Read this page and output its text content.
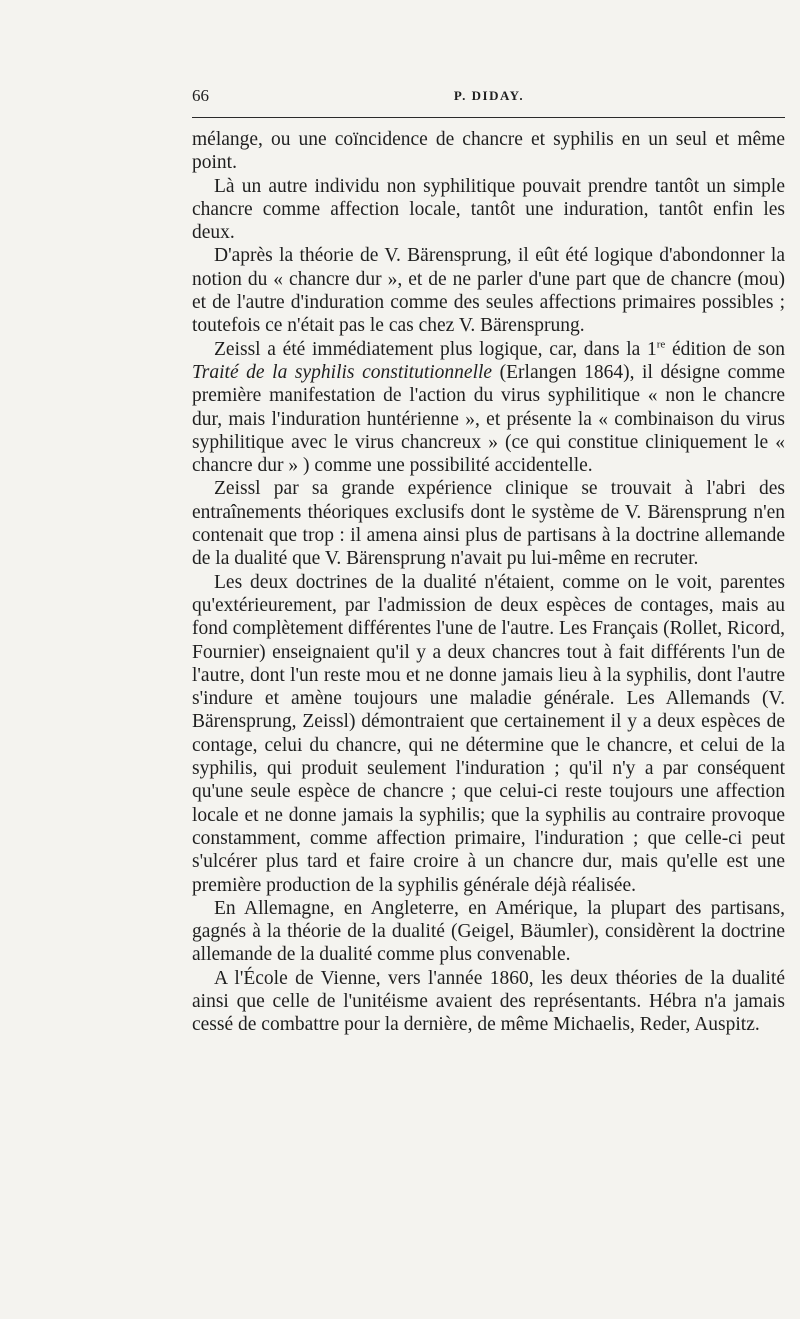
66	P. DIDAY.

mélange, ou une coïncidence de chancre et syphilis en un seul et même point.

Là un autre individu non syphilitique pouvait prendre tantôt un simple chancre comme affection locale, tantôt une induration, tantôt enfin les deux.

D'après la théorie de V. Bärensprung, il eût été logique d'abondonner la notion du « chancre dur », et de ne parler d'une part que de chancre (mou) et de l'autre d'induration comme des seules affections primaires possibles ; toutefois ce n'était pas le cas chez V. Bärensprung.

Zeissl a été immédiatement plus logique, car, dans la 1re édition de son Traité de la syphilis constitutionnelle (Erlangen 1864), il désigne comme première manifestation de l'action du virus syphilitique « non le chancre dur, mais l'induration huntérienne », et présente la « combinaison du virus syphilitique avec le virus chancreux » (ce qui constitue cliniquement le « chancre dur » ) comme une possibilité accidentelle.

Zeissl par sa grande expérience clinique se trouvait à l'abri des entraînements théoriques exclusifs dont le système de V. Bärensprung n'en contenait que trop : il amena ainsi plus de partisans à la doctrine allemande de la dualité que V. Bärensprung n'avait pu lui-même en recruter.

Les deux doctrines de la dualité n'étaient, comme on le voit, parentes qu'extérieurement, par l'admission de deux espèces de contages, mais au fond complètement différentes l'une de l'autre. Les Français (Rollet, Ricord, Fournier) enseignaient qu'il y a deux chancres tout à fait différents l'un de l'autre, dont l'un reste mou et ne donne jamais lieu à la syphilis, dont l'autre s'indure et amène toujours une maladie générale. Les Allemands (V. Bärensprung, Zeissl) démontraient que certainement il y a deux espèces de contage, celui du chancre, qui ne détermine que le chancre, et celui de la syphilis, qui produit seulement l'induration ; qu'il n'y a par conséquent qu'une seule espèce de chancre ; que celui-ci reste toujours une affection locale et ne donne jamais la syphilis; que la syphilis au contraire provoque constamment, comme affection primaire, l'induration ; que celle-ci peut s'ulcérer plus tard et faire croire à un chancre dur, mais qu'elle est une première production de la syphilis générale déjà réalisée.

En Allemagne, en Angleterre, en Amérique, la plupart des partisans, gagnés à la théorie de la dualité (Geigel, Bäumler), considèrent la doctrine allemande de la dualité comme plus convenable.

A l'École de Vienne, vers l'année 1860, les deux théories de la dualité ainsi que celle de l'unitéisme avaient des représentants. Hébra n'a jamais cessé de combattre pour la dernière, de même Michaelis, Reder, Auspitz.
